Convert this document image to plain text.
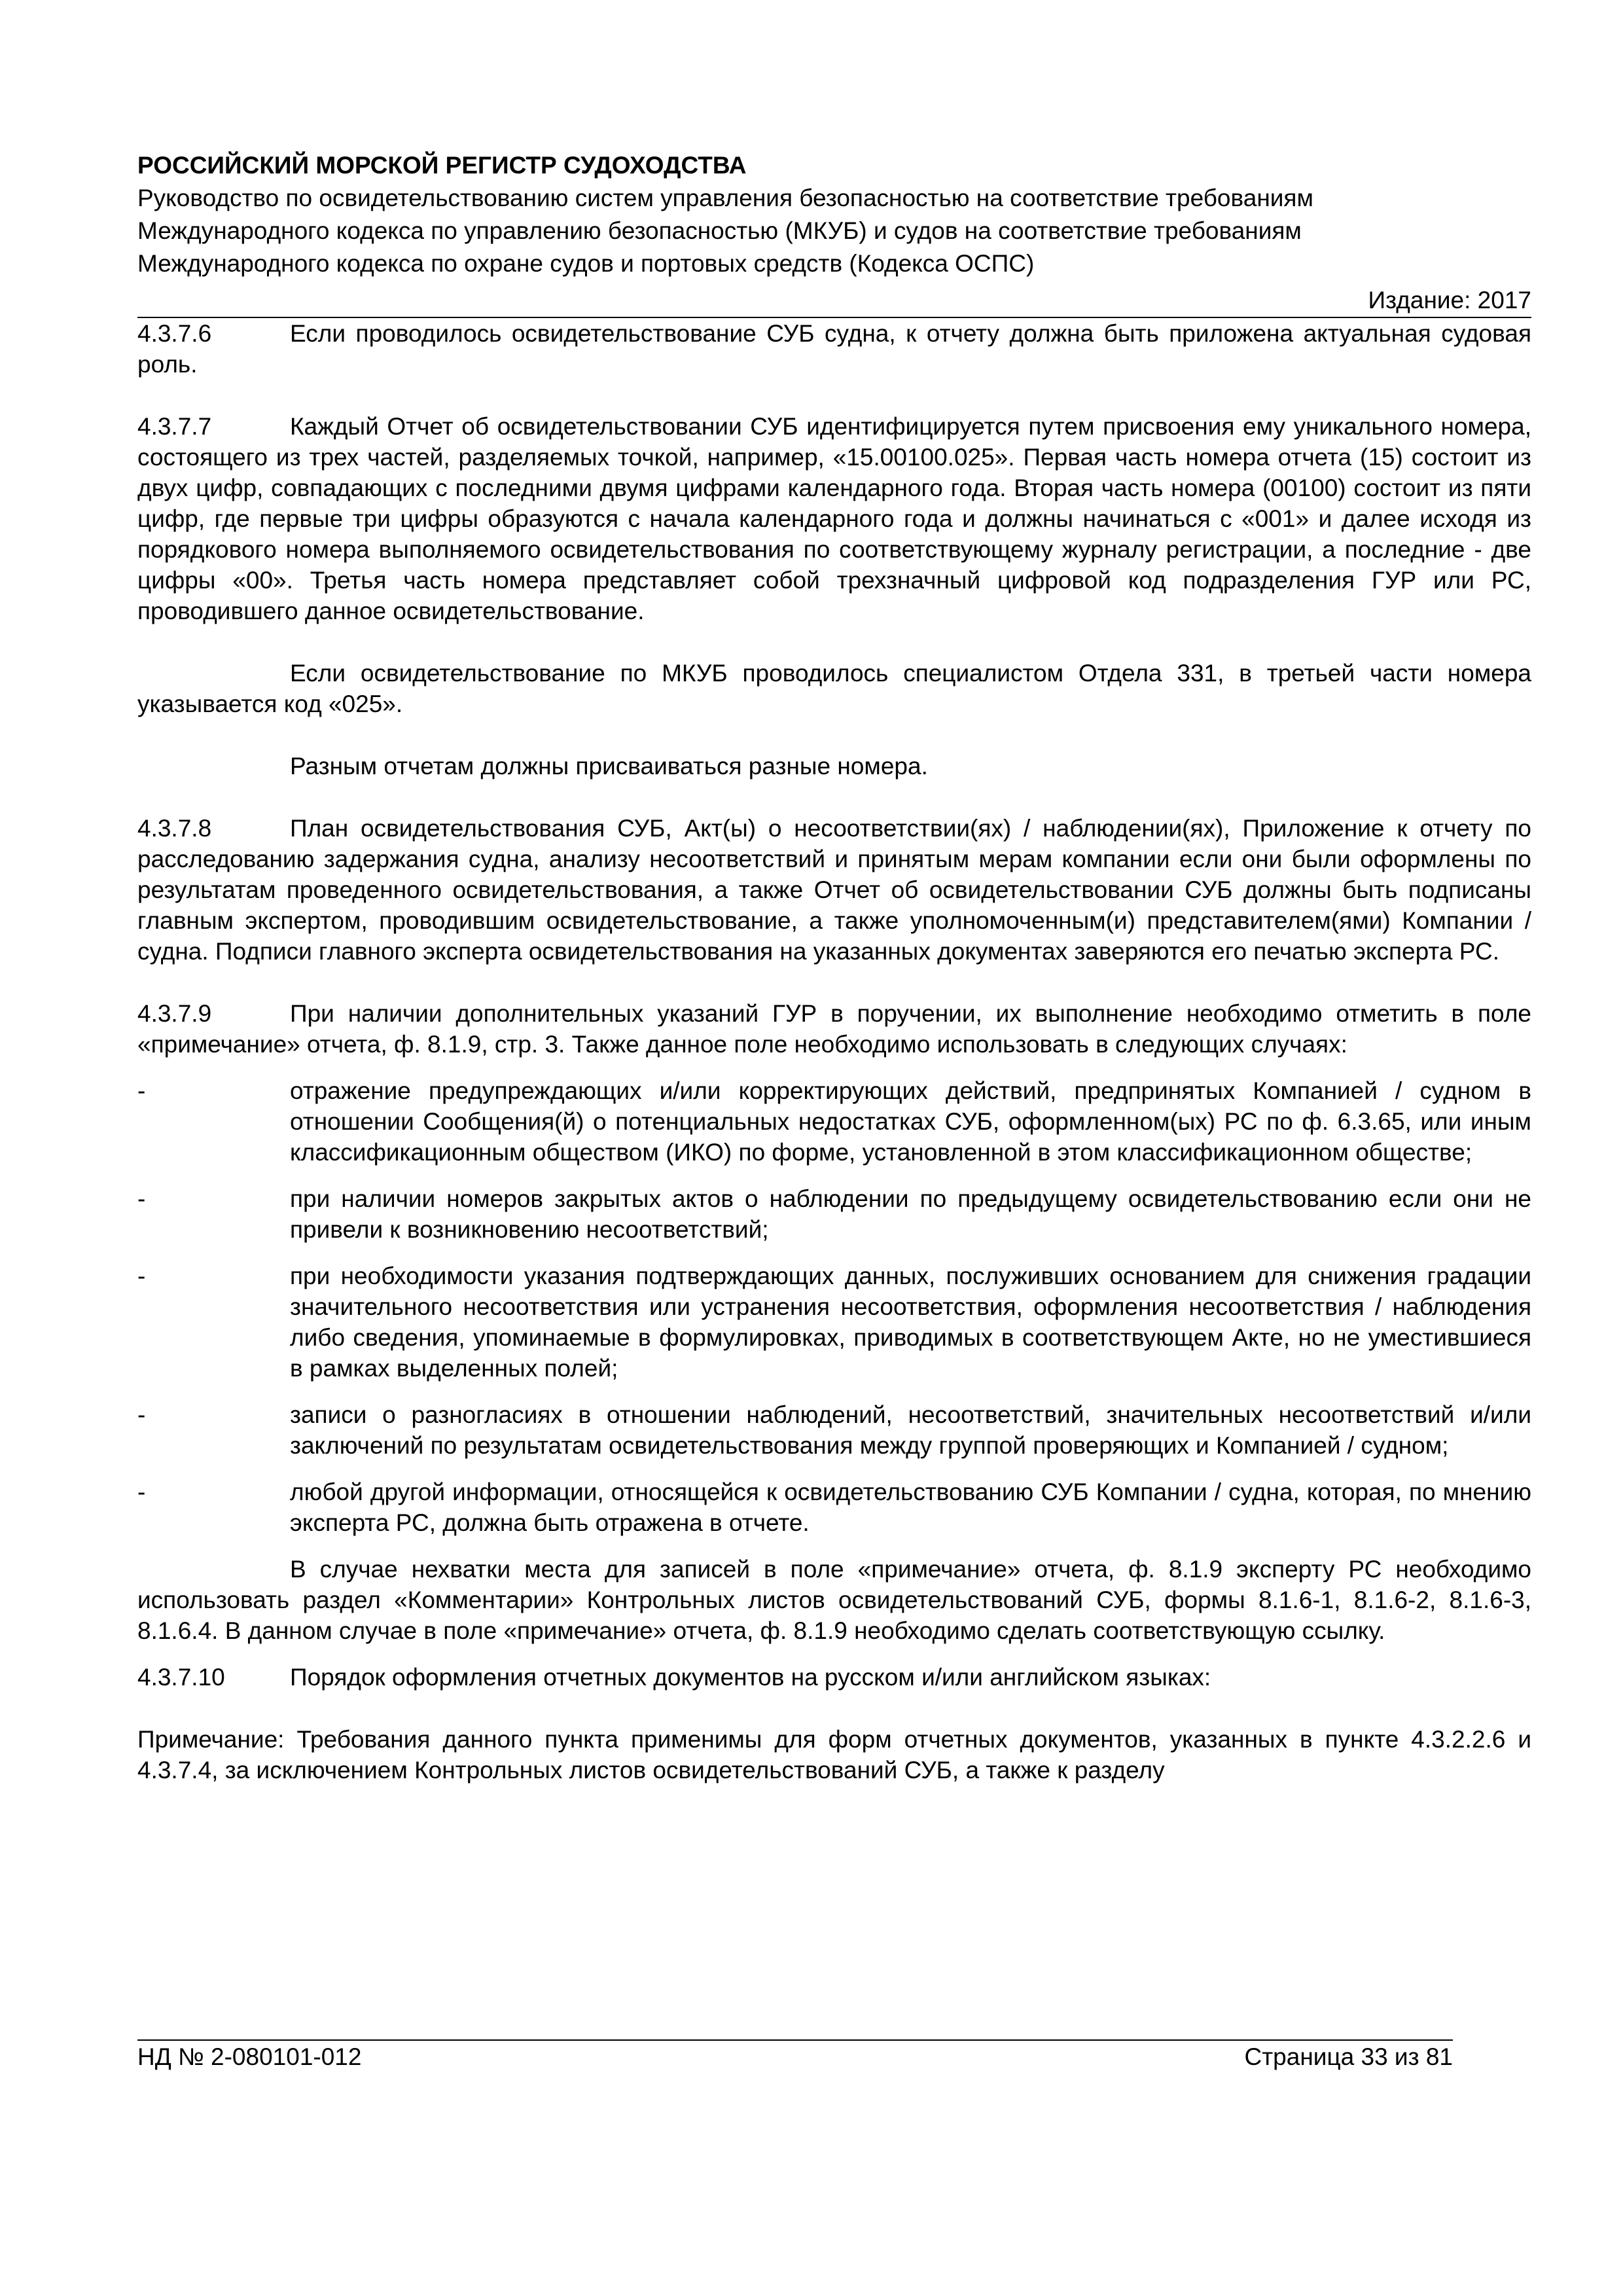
РОССИЙСКИЙ МОРСКОЙ РЕГИСТР СУДОХОДСТВА
Руководство по освидетельствованию систем управления безопасностью на соответствие требованиям
Международного кодекса по управлению безопасностью (МКУБ) и судов на соответствие требованиям
Международного кодекса по охране судов и портовых средств (Кодекса ОСПС)
Издание: 2017

4.3.7.6	Если проводилось освидетельствование СУБ судна, к отчету должна быть приложена актуальная судовая роль.

4.3.7.7	Каждый Отчет об освидетельствовании СУБ идентифицируется путем присвоения ему уникального номера, состоящего из трех частей, разделяемых точкой, например, «15.00100.025». Первая часть номера отчета (15) состоит из двух цифр, совпадающих с последними двумя цифрами календарного года. Вторая часть номера (00100) состоит из пяти цифр, где первые три цифры образуются с начала календарного года и должны начинаться с «001» и далее исходя из порядкового номера выполняемого освидетельствования по соответствующему журналу регистрации, а последние - две цифры «00». Третья часть номера представляет собой трехзначный цифровой код подразделения ГУР или РС, проводившего данное освидетельствование.

Если освидетельствование по МКУБ проводилось специалистом Отдела 331, в третьей части номера указывается код «025».

Разным отчетам должны присваиваться разные номера.

4.3.7.8	План освидетельствования СУБ, Акт(ы) о несоответствии(ях) / наблюдении(ях), Приложение к отчету по расследованию задержания судна, анализу несоответствий и принятым мерам компании если они были оформлены по результатам проведенного освидетельствования, а также Отчет об освидетельствовании СУБ должны быть подписаны главным экспертом, проводившим освидетельствование, а также уполномоченным(и) представителем(ями) Компании / судна. Подписи главного эксперта освидетельствования на указанных документах заверяются его печатью эксперта РС.

4.3.7.9	При наличии дополнительных указаний ГУР в поручении, их выполнение необходимо отметить в поле «примечание» отчета, ф. 8.1.9, стр. 3. Также данное поле необходимо использовать в следующих случаях:

-	отражение предупреждающих и/или корректирующих действий, предпринятых Компанией / судном в отношении Сообщения(й) о потенциальных недостатках СУБ, оформленном(ых) РС по ф. 6.3.65, или иным классификационным обществом (ИКО) по форме, установленной в этом классификационном обществе;

-	при наличии номеров закрытых актов о наблюдении по предыдущему освидетельствованию если они не привели к возникновению несоответствий;

-	при необходимости указания подтверждающих данных, послуживших основанием для снижения градации значительного несоответствия или устранения несоответствия, оформления несоответствия / наблюдения либо сведения, упоминаемые в формулировках, приводимых в соответствующем Акте, но не уместившиеся в рамках выделенных полей;

-	записи о разногласиях в отношении наблюдений, несоответствий, значительных несоответствий и/или заключений по результатам освидетельствования между группой проверяющих и Компанией / судном;

-	любой другой информации, относящейся к освидетельствованию СУБ Компании / судна, которая, по мнению эксперта РС, должна быть отражена в отчете.

В случае нехватки места для записей в поле «примечание» отчета, ф. 8.1.9 эксперту РС необходимо использовать раздел «Комментарии» Контрольных листов освидетельствований СУБ, формы 8.1.6-1, 8.1.6-2, 8.1.6-3, 8.1.6.4. В данном случае в поле «примечание» отчета, ф. 8.1.9 необходимо сделать соответствующую ссылку.

4.3.7.10	Порядок оформления отчетных документов на русском и/или английском языках:

Примечание: Требования данного пункта применимы для форм отчетных документов, указанных в пункте 4.3.2.2.6 и 4.3.7.4, за исключением Контрольных листов освидетельствований СУБ, а также к разделу

НД № 2-080101-012	Страница 33 из 81
